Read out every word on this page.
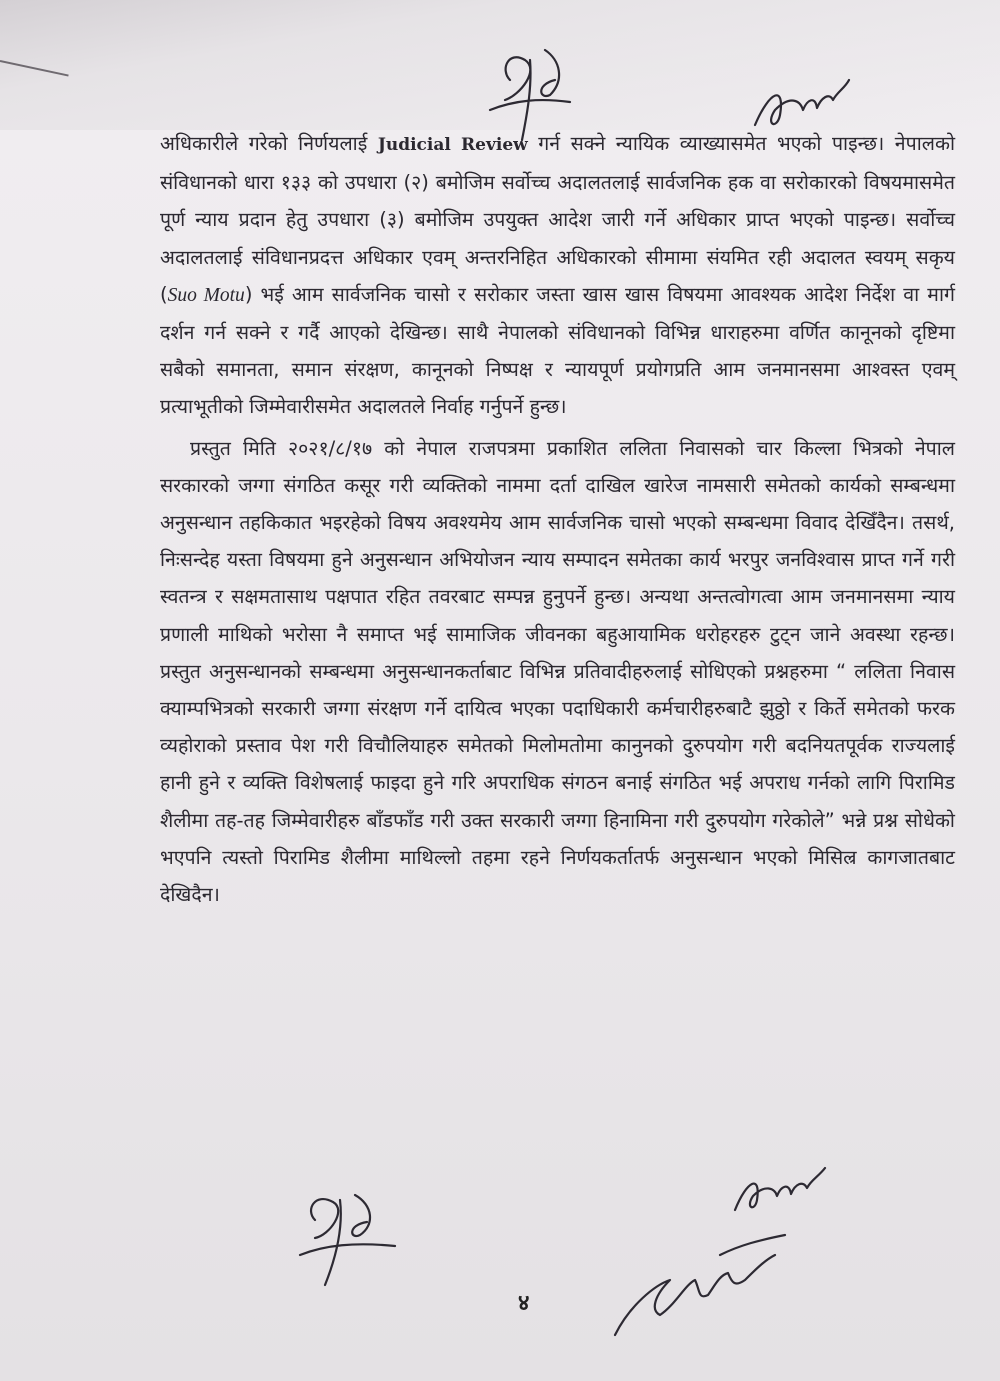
अधिकारीले गरेको निर्णयलाई Judicial Review गर्न सक्ने न्यायिक व्याख्यासमेत भएको पाइन्छ। नेपालको संविधानको धारा १३३ को उपधारा (२) बमोजिम सर्वोच्च अदालतलाई सार्वजनिक हक वा सरोकारको विषयमासमेत पूर्ण न्याय प्रदान हेतु उपधारा (३) बमोजिम उपयुक्त आदेश जारी गर्ने अधिकार प्राप्त भएको पाइन्छ। सर्वोच्च अदालतलाई संविधानप्रदत्त अधिकार एवम् अन्तरनिहित अधिकारको सीमामा संयमित रही अदालत स्वयम् सकृय (Suo Motu) भई आम सार्वजनिक चासो र सरोकार जस्ता खास खास विषयमा आवश्यक आदेश निर्देश वा मार्ग दर्शन गर्न सक्ने र गर्दै आएको देखिन्छ। साथै नेपालको संविधानको विभिन्न धाराहरुमा वर्णित कानूनको दृष्टिमा सबैको समानता, समान संरक्षण, कानूनको निष्पक्ष र न्यायपूर्ण प्रयोगप्रति आम जनमानसमा आश्वस्त एवम् प्रत्याभूतीको जिम्मेवारीसमेत अदालतले निर्वाह गर्नुपर्ने हुन्छ।

प्रस्तुत मिति २०२१/८/१७ को नेपाल राजपत्रमा प्रकाशित ललिता निवासको चार किल्ला भित्रको नेपाल सरकारको जग्गा संगठित कसूर गरी व्यक्तिको नाममा दर्ता दाखिल खारेज नामसारी समेतको कार्यको सम्बन्धमा अनुसन्धान तहकिकात भइरहेको विषय अवश्यमेय आम सार्वजनिक चासो भएको सम्बन्धमा विवाद देखिँदैन। तसर्थ, निःसन्देह यस्ता विषयमा हुने अनुसन्धान अभियोजन न्याय सम्पादन समेतका कार्य भरपुर जनविश्वास प्राप्त गर्ने गरी स्वतन्त्र र सक्षमतासाथ पक्षपात रहित तवरबाट सम्पन्न हुनुपर्ने हुन्छ। अन्यथा अन्तत्वोगत्वा आम जनमानसमा न्याय प्रणाली माथिको भरोसा नै समाप्त भई सामाजिक जीवनका बहुआयामिक धरोहरहरु टुट्न जाने अवस्था रहन्छ। प्रस्तुत अनुसन्धानको सम्बन्धमा अनुसन्धानकर्ताबाट विभिन्न प्रतिवादीहरुलाई सोधिएको प्रश्नहरुमा “ ललिता निवास क्याम्पभित्रको सरकारी जग्गा संरक्षण गर्ने दायित्व भएका पदाधिकारी कर्मचारीहरुबाटै झुठ्ठो र किर्ते समेतको फरक व्यहोराको प्रस्ताव पेश गरी विचौलियाहरु समेतको मिलोमतोमा कानुनको दुरुपयोग गरी बदनियतपूर्वक राज्यलाई हानी हुने र व्यक्ति विशेषलाई फाइदा हुने गरि अपराधिक संगठन बनाई संगठित भई अपराध गर्नको लागि पिरामिड शैलीमा तह-तह जिम्मेवारीहरु बाँडफाँड गरी उक्त सरकारी जग्गा हिनामिना गरी दुरुपयोग गरेकोले” भन्ने प्रश्न सोधेको भएपनि त्यस्तो पिरामिड शैलीमा माथिल्लो तहमा रहने निर्णयकर्तातर्फ अनुसन्धान भएको मिसिल्र कागजातबाट देखिदैन।

४
